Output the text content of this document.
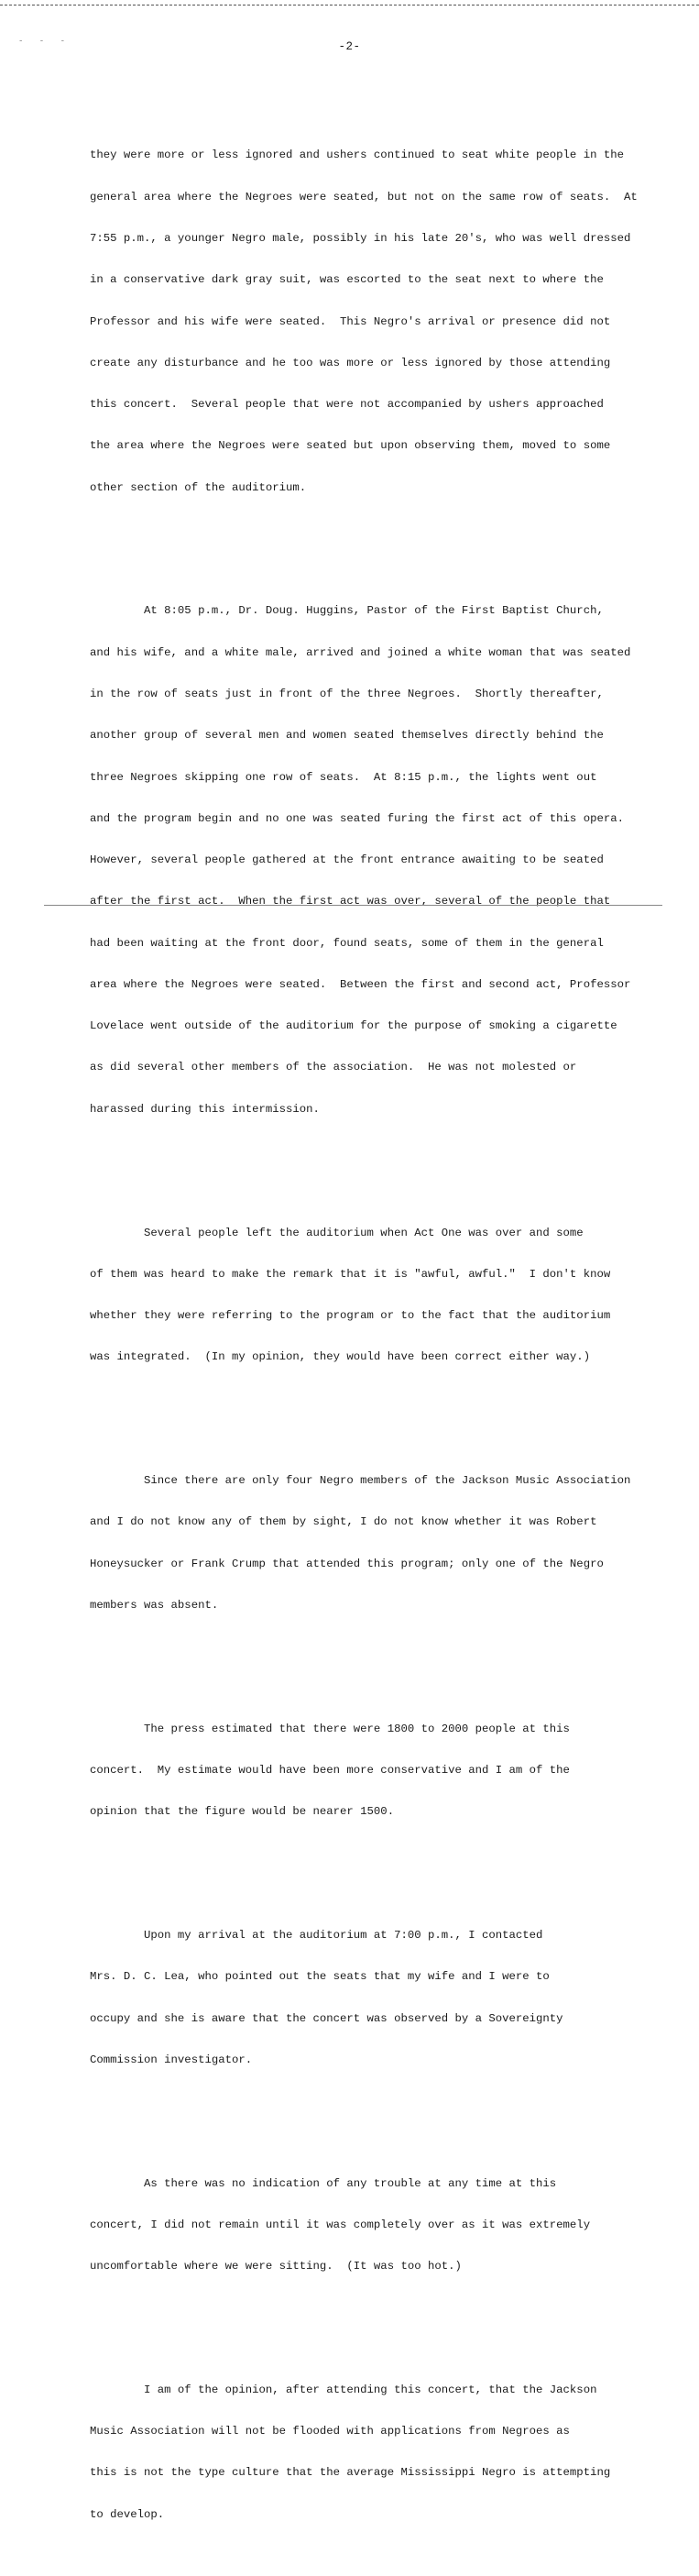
- - -	-2-

they were more or less ignored and ushers continued to seat white people in the

general area where the Negroes were seated, but not on the same row of seats.  At

7:55 p.m., a younger Negro male, possibly in his late 20's, who was well dressed

in a conservative dark gray suit, was escorted to the seat next to where the

Professor and his wife were seated.  This Negro's arrival or presence did not

create any disturbance and he too was more or less ignored by those attending

this concert.  Several people that were not accompanied by ushers approached

the area where the Negroes were seated but upon observing them, moved to some

other section of the auditorium.

At 8:05 p.m., Dr. Doug. Huggins, Pastor of the First Baptist Church,

and his wife, and a white male, arrived and joined a white woman that was seated

in the row of seats just in front of the three Negroes.  Shortly thereafter,

another group of several men and women seated themselves directly behind the

three Negroes skipping one row of seats.  At 8:15 p.m., the lights went out

and the program begin and no one was seated furing the first act of this opera.

However, several people gathered at the front entrance awaiting to be seated

after the first act.  When the first act was over, several of the people that

had been waiting at the front door, found seats, some of them in the general

area where the Negroes were seated.  Between the first and second act, Professor

Lovelace went outside of the auditorium for the purpose of smoking a cigarette

as did several other members of the association.  He was not molested or

harassed during this intermission.

Several people left the auditorium when Act One was over and some

of them was heard to make the remark that it is "awful, awful."  I don't know

whether they were referring to the program or to the fact that the auditorium

was integrated.  (In my opinion, they would have been correct either way.)

Since there are only four Negro members of the Jackson Music Association

and I do not know any of them by sight, I do not know whether it was Robert

Honeysucker or Frank Crump that attended this program; only one of the Negro

members was absent.

The press estimated that there were 1800 to 2000 people at this

concert.  My estimate would have been more conservative and I am of the

opinion that the figure would be nearer 1500.

Upon my arrival at the auditorium at 7:00 p.m., I contacted

Mrs. D. C. Lea, who pointed out the seats that my wife and I were to

occupy and she is aware that the concert was observed by a Sovereignty

Commission investigator.

As there was no indication of any trouble at any time at this

concert, I did not remain until it was completely over as it was extremely

uncomfortable where we were sitting.  (It was too hot.)

I am of the opinion, after attending this concert, that the Jackson

Music Association will not be flooded with applications from Negroes as

this is not the type culture that the average Mississippi Negro is attempting

to develop.
